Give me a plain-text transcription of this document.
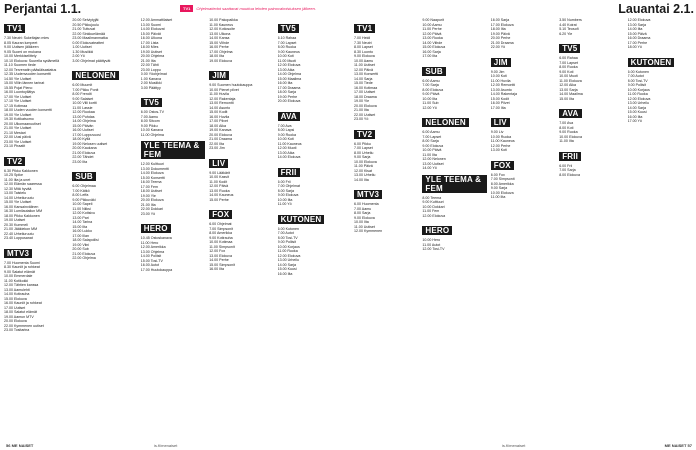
Perjantai 1.1.	TV1	Ohjelmatiedot saattavat muuttua lehden painovalmistuksen jälkeen.
TV1
7.30 Neutri: Sukeltajan mies
8.05 Kauran lumpeet
9.00 Uutisen jäläkeen
9.05 Suomi on mukana
10.00 Merkkiselittely
10.10 Elokuva: Suurella sydämellä
11.10 Suomen tiede
12.00 Tervenatin pääsiäisastatus
12.35 Uudenvuoden konsertti
14.50 Yle Uutiset
15.00 Villin lännen tarinat
15.55 Pojat Pieno
16.00 Luontoyllätys
17.00 Yle Uutiset
17.10 Yle Uutiset
17.15 Kotimaa
18.00 Uuden vuoden konsertti
19.00 Yle Uutiset
19.30 Kotikatsomo
20.00 Ulkomaanuutiset
21.00 Yle Uutiset
21.10 Mestari
22.00 Uusi päivä
23.00 Yle Uutiset
23.10 Piraatit
TV2
6.30 Pikku Kakkonen
10.25 Spike
11.00 Ilta ja unet
12.00 Elämän saaressa
12.30 Mitä hyvää
13.00 Taistelu
14.00 Urheiluruutu
15.00 Yle Uutiset
16.00 Kansainvälinen
16.30 Lumilautailun MM
18.00 Pikku Kakkonen
19.00 Uutiset
20.30 Kummeli
21.00 Jääkiekon MM
22.40 Urheiluruutu
23.40 Loppusanat
MTV3
7.00 Huomenta Suomi
8.30 Kauniit ja rohkeat
9.00 Salatut elämät
10.00 Emmerdale
11.00 Kotikokki
12.00 Tähtien kanssa
13.00 Aamulehti
14.00 Kotirauha
15.00 Elokuva
16.00 Kauniit ja rohkeat
17.00 Uutiset
18.00 Salatut elämät
19.00 Aamun MTV
20.00 Elokuva
22.00 Kymmenen uutiset
23.00 Tositarina
20.00 Selviytyjät
20.50 Pikkujoulu
21.00 Tuttuvat
22.00 Sinkkuelämää
23.00 Maailmanmatka
0.00 Elokuvateatteri
1.00 Uutiset
1.30 Musiikki
2.00 Yö
3.00 Ohjelmat päättyvät
NELONEN
6.00 Muumit
7.00 Pikku Ponit
8.00 Frendit
9.00 Salaiset
10.00 Villi kortti
11.00 Lassie
12.00 Ruokaa
13.00 Puhdas
14.00 Ohjelma
15.00 Päivän
16.00 Uutiset
17.00 Loppuvuosi
18.00 Kyllä
19.00 Nelosen uutiset
20.00 Kaukana
21.00 Elokuva
22.00 Tähdet
23.00 Ilta
SUB
6.00 Ohjelmaa
7.00 Kätkö
8.00 Leffa
9.00 Pikkuväki
10.00 Sapeli
11.00 Niiksi
12.00 Kotisivu
13.00 Pari
14.00 Tarina
15.00 Ilta
16.00 Lukko
17.00 Illan
18.00 Salapoliisi
19.00 Viini
20.00 Sub
21.00 Elokuva
22.00 Ohjelma
12.00 Ammattilaiset
13.00 Suomi
14.00 Elokuvat
15.00 Päivät
16.00 Ulkona
17.00 Lista
18.00 Mies
19.00 Uutiset
20.00 Ohjelma
21.00 Ilta
22.00 Tähti
23.00 Loppu
0.00 Yöohjelmat
1.00 Kanava
2.00 Musiikki
3.00 Päättyy
TV5
6.00 Ostos-TV
7.00 Aamu
8.00 Sitcom
9.00 Pikku
10.00 Kanava
11.00 Ohjelma
YLE TEEMA & FEM
12.00 Kulttuuri
13.00 Dokumentti
14.00 Elokuva
15.00 Konsertti
16.00 Teema
17.00 Fem
18.00 Uutiset
19.00 Yle
20.00 Elokuva
21.00 Ilta
22.00 Dokkari
23.00 Yö
HERO
10.45 Ostoskanava
11.00 Hero
12.00 Amerikka
13.00 Ohjelma
14.00 Poliisit
15.00 Tosi-TV
16.00 Autot
17.00 Huutokauppa
10.00 Pakopaikka
11.00 Kauneus
12.00 Kotiosoite
13.00 Ulkona
14.00 Kansa
15.00 Viihde
16.00 Perhe
17.00 Ohjelma
18.00 Ilta
19.00 Elokuva
JIM
9.00 Suomen huutokauppa
10.00 Pienet pilvet
11.00 Huvila
12.00 Rakentaja
13.00 Remontti
14.00 Asunto
15.00 Kodit
16.00 Huvila
17.00 Pilvet
18.00 Aika
19.00 Kanava
20.00 Elokuva
21.00 Draama
22.00 Ilta
23.00 Jim
LIV
9.00 Lääkärit
10.00 Kasvit
11.00 Kodit
12.00 Päivä
13.00 Ruoka
14.00 Kauneus
15.00 Perhe
FOX
6.00 Ohjelmat
7.00 Simpsonit
8.00 Amerikka
9.00 Kotirauha
10.00 Kotimaa
11.00 Simpsonit
12.00 Fox
13.00 Elokuva
14.00 Perhe
15.00 Simpsonit
16.00 Ilta
TV5
6.10 Rahaa
7.00 Lapset
8.00 Ruoka
9.00 Kauneus
10.00 Koti
11.00 Muoti
12.00 Elokuva
13.00 Aika
14.00 Ohjelma
15.00 Maailma
16.00 Ilta
17.00 Draama
18.00 Sarja
19.00 Perhe
20.00 Elokuva
AVA
7.00 Ava
8.00 Lapsi
9.00 Ruoka
10.00 Koti
11.00 Kauneus
12.00 Muoti
13.00 Aika
14.00 Elokuva
FRII
6.00 Frii
7.00 Ohjelmat
8.00 Sarja
9.00 Elokuva
10.00 Ilta
11.00 Yö
KUTONEN
6.00 Kutonen
7.00 Autot
8.00 Tosi-TV
9.00 Poliisit
10.00 Korjaus
11.00 Ruoka
12.00 Elokuva
13.00 Urheilu
14.00 Sarja
15.00 Kuusi
16.00 Ilta
56 ME NAISET	is.fi/menaiset
Lauantai 2.1.
TV1
7.00 Heidi
7.30 Neutri
8.00 Lapset
8.30 Luonto
9.00 Elokuva
10.00 Aamu
11.00 Uutiset
12.00 Päivä
13.00 Konsertti
14.00 Sarja
15.00 Tiede
16.00 Kotimaa
17.00 Uutiset
18.00 Draama
19.00 Yle
20.00 Elokuva
21.00 Ilta
22.00 Uutiset
23.00 Yö
TV2
6.00 Pikku
7.00 Lapset
8.00 Urheilu
9.00 Sarja
10.00 Elokuva
11.00 Päivä
12.00 Kisat
13.00 Urheilu
14.00 Ilta
MTV3
6.00 Huomenta
7.00 Aamu
8.00 Sarja
9.00 Elokuva
10.00 Ilta
11.00 Uutiset
12.00 Kymmenen
9.00 Naapurit
10.00 Aamu
11.00 Perhe
12.00 Päivä
13.00 Ruoka
14.00 Viihde
15.00 Elokuva
16.00 Sarja
17.00 Ilta
SUB
6.00 Aamu
7.00 Sarja
8.00 Elokuva
9.00 Päivä
10.00 Ilta
11.00 Sub
12.00 Yö
NELONEN
6.00 Aamu
7.00 Lapset
8.00 Sarja
9.00 Elokuva
10.00 Päivä
11.00 Ilta
12.00 Nelonen
13.00 Uutiset
14.00 Yö
YLE TEEMA & FEM
8.00 Teema
9.00 Kulttuuri
10.00 Dokkari
11.00 Fem
12.00 Elokuva
HERO
10.00 Hero
11.00 Autot
12.00 Tosi-TV
16.00 Sarja
17.00 Elokuva
18.00 Ilta
19.00 Päivä
20.00 Perhe
21.00 Draama
22.00 Yö
JIM
9.00 Jim
10.00 Koti
11.00 Huvila
12.00 Remontti
13.00 Asunto
14.00 Rakentaja
15.00 Kodit
16.00 Pilvet
17.00 Ilta
LIV
9.00 Liv
10.00 Ruoka
11.00 Kauneus
12.00 Perhe
13.00 Koti
FOX
6.00 Fox
7.00 Simpsonit
8.00 Amerikka
9.00 Sarja
10.00 Elokuva
11.00 Ilta
3.50 Numbers
4.40 Koirat
5.10 Teosofi
6.20 Yle
TV5
6.00 Rahaa
7.00 Lapset
8.00 Ruoka
9.00 Koti
10.00 Muoti
11.00 Elokuva
12.00 Aika
13.00 Sarja
14.00 Maailma
15.00 Ilta
AVA
7.00 Ava
8.00 Koti
9.00 Ruoka
10.00 Elokuva
11.00 Ilta
FRII
6.00 Frii
7.00 Sarja
8.00 Elokuva
12.00 Elokuva
13.00 Sarja
14.00 Ilta
15.00 Päivä
16.00 Draama
17.00 Perhe
18.00 Yö
KUTONEN
6.00 Kutonen
7.00 Autot
8.00 Tosi-TV
9.00 Poliisit
10.00 Korjaus
11.00 Ruoka
12.00 Elokuva
13.00 Urheilu
14.00 Sarja
15.00 Kuusi
16.00 Ilta
17.00 Yö
is.fi/menaiset	ME NAISET 57
